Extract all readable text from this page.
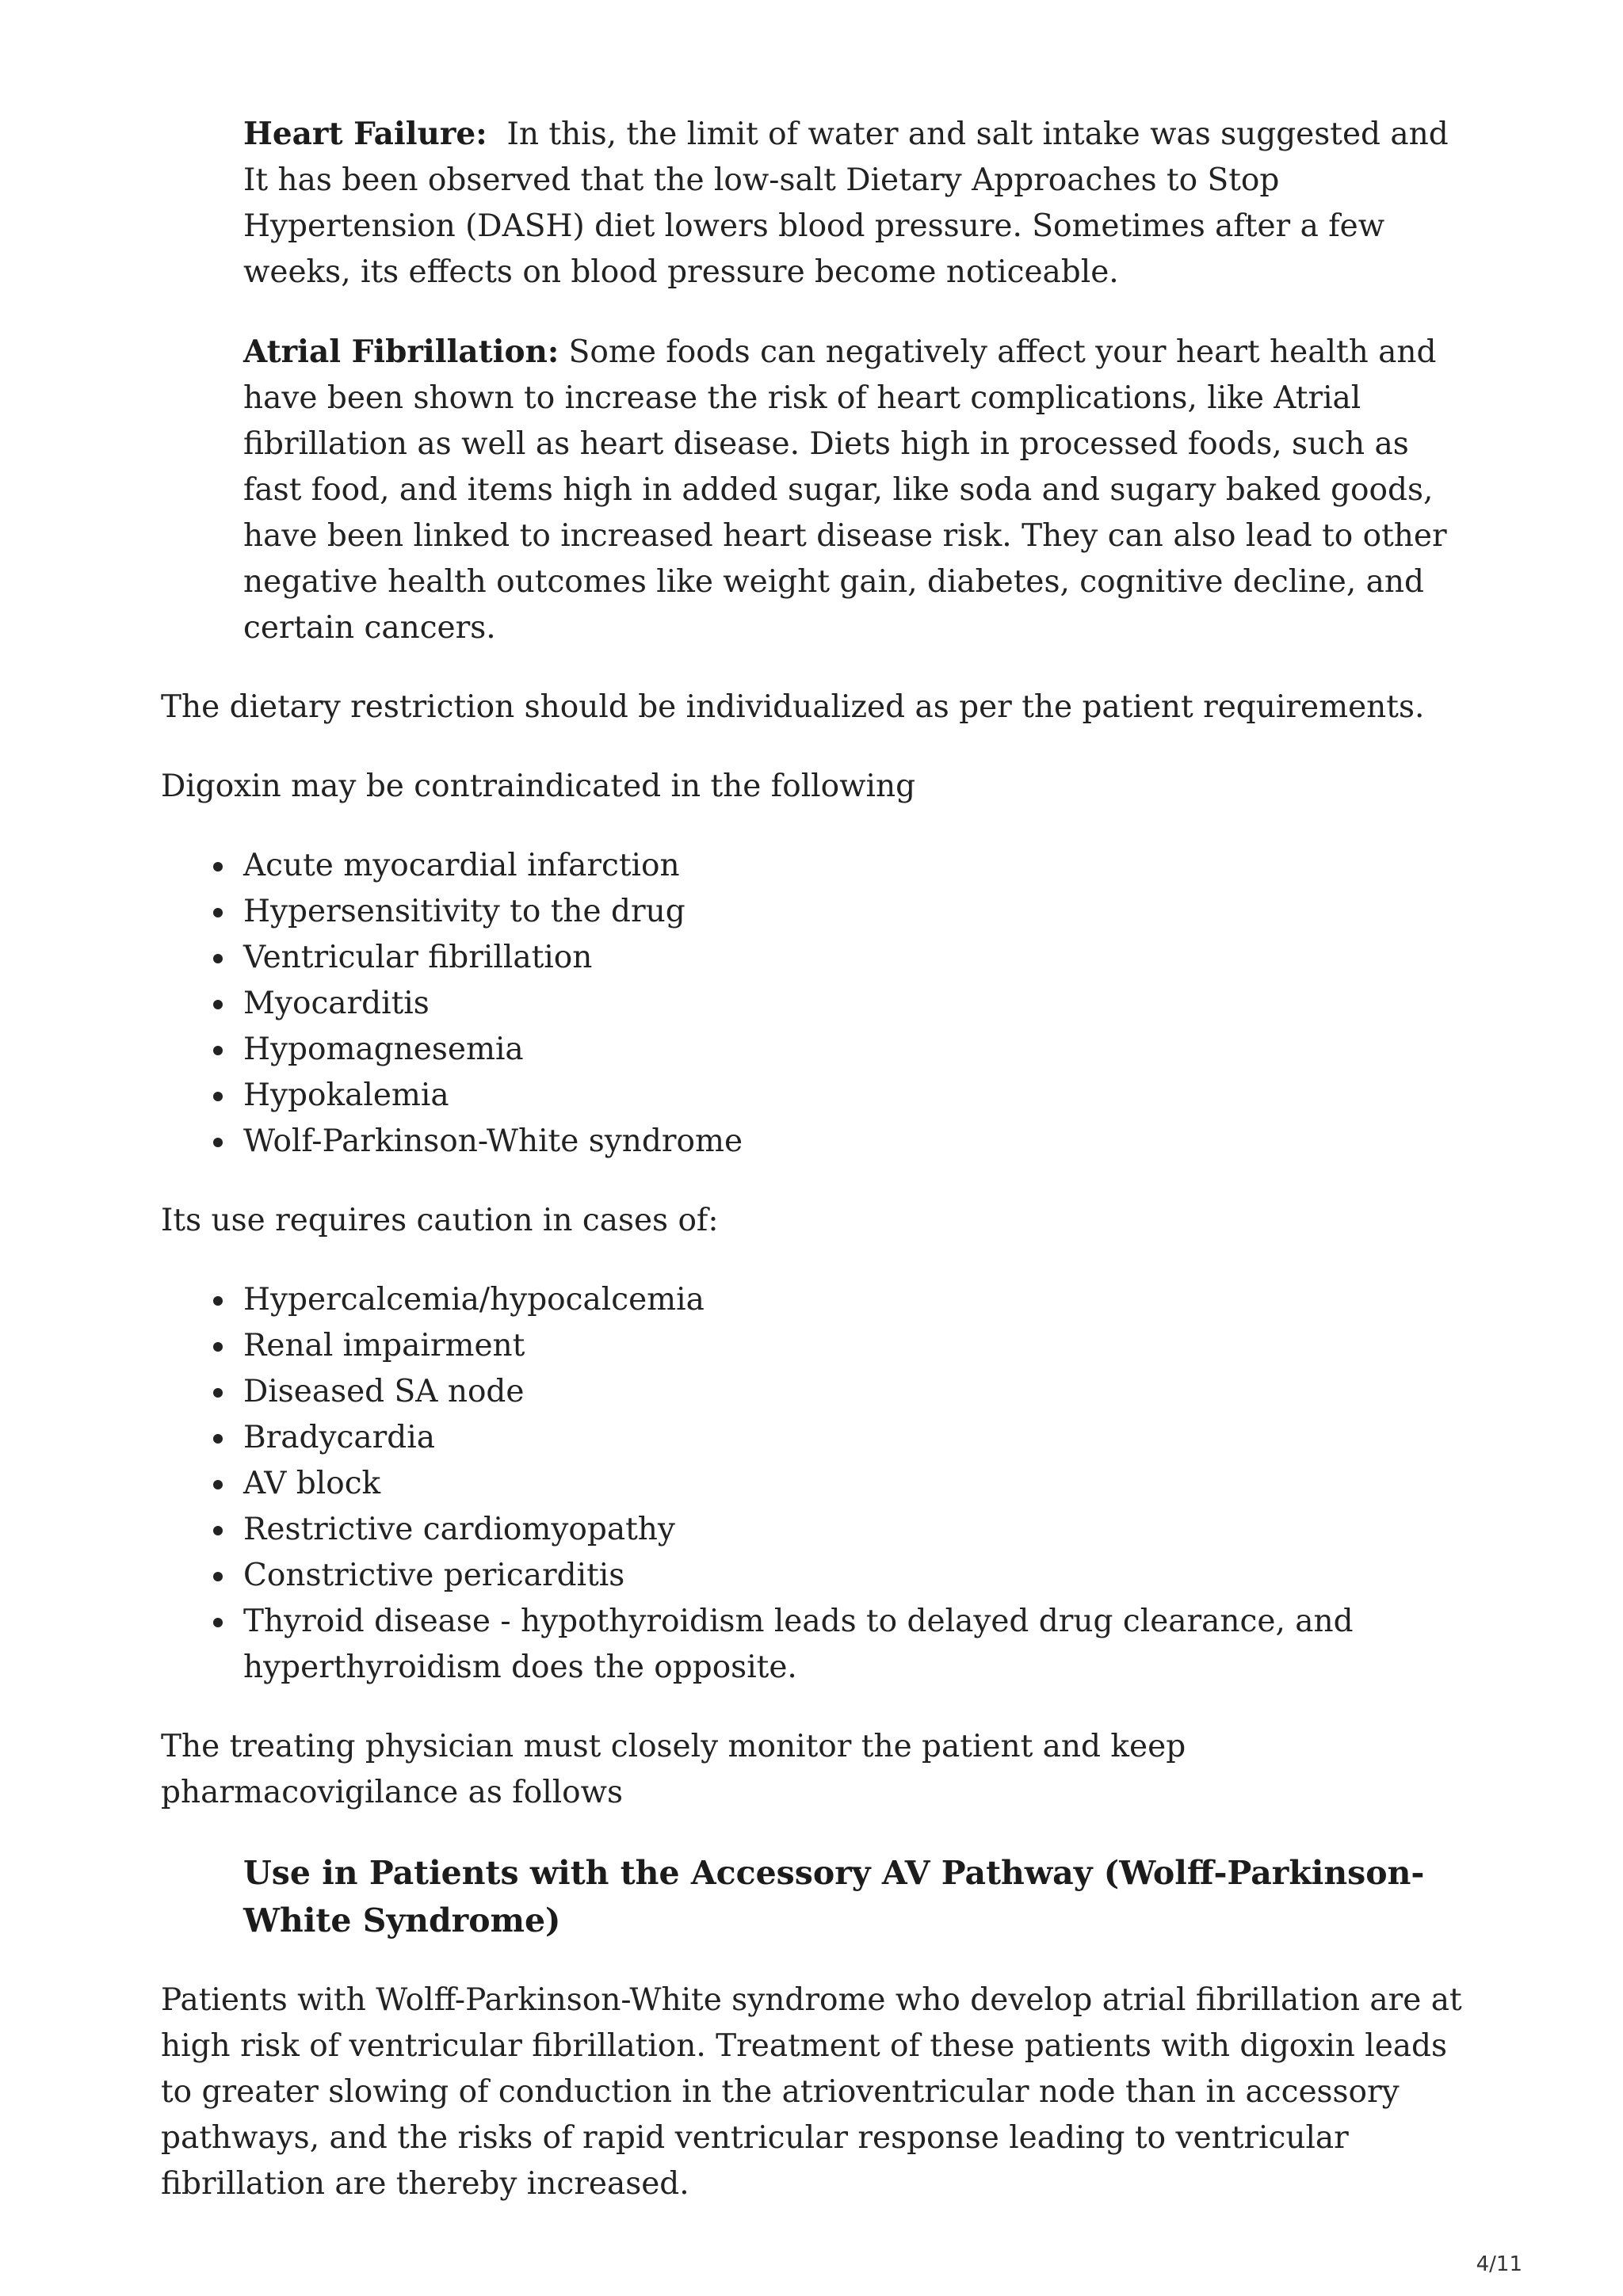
Heart Failure: In this, the limit of water and salt intake was suggested and It has been observed that the low-salt Dietary Approaches to Stop Hypertension (DASH) diet lowers blood pressure. Sometimes after a few weeks, its effects on blood pressure become noticeable.

Atrial Fibrillation: Some foods can negatively affect your heart health and have been shown to increase the risk of heart complications, like Atrial fibrillation as well as heart disease. Diets high in processed foods, such as fast food, and items high in added sugar, like soda and sugary baked goods, have been linked to increased heart disease risk. They can also lead to other negative health outcomes like weight gain, diabetes, cognitive decline, and certain cancers.

The dietary restriction should be individualized as per the patient requirements.

Digoxin may be contraindicated in the following

Acute myocardial infarction
Hypersensitivity to the drug
Ventricular fibrillation
Myocarditis
Hypomagnesemia
Hypokalemia
Wolf-Parkinson-White syndrome

Its use requires caution in cases of:

Hypercalcemia/hypocalcemia
Renal impairment
Diseased SA node
Bradycardia
AV block
Restrictive cardiomyopathy
Constrictive pericarditis
Thyroid disease - hypothyroidism leads to delayed drug clearance, and hyperthyroidism does the opposite.

The treating physician must closely monitor the patient and keep pharmacovigilance as follows

Use in Patients with the Accessory AV Pathway (Wolff-Parkinson-White Syndrome)

Patients with Wolff-Parkinson-White syndrome who develop atrial fibrillation are at high risk of ventricular fibrillation. Treatment of these patients with digoxin leads to greater slowing of conduction in the atrioventricular node than in accessory pathways, and the risks of rapid ventricular response leading to ventricular fibrillation are thereby increased.

4/11
